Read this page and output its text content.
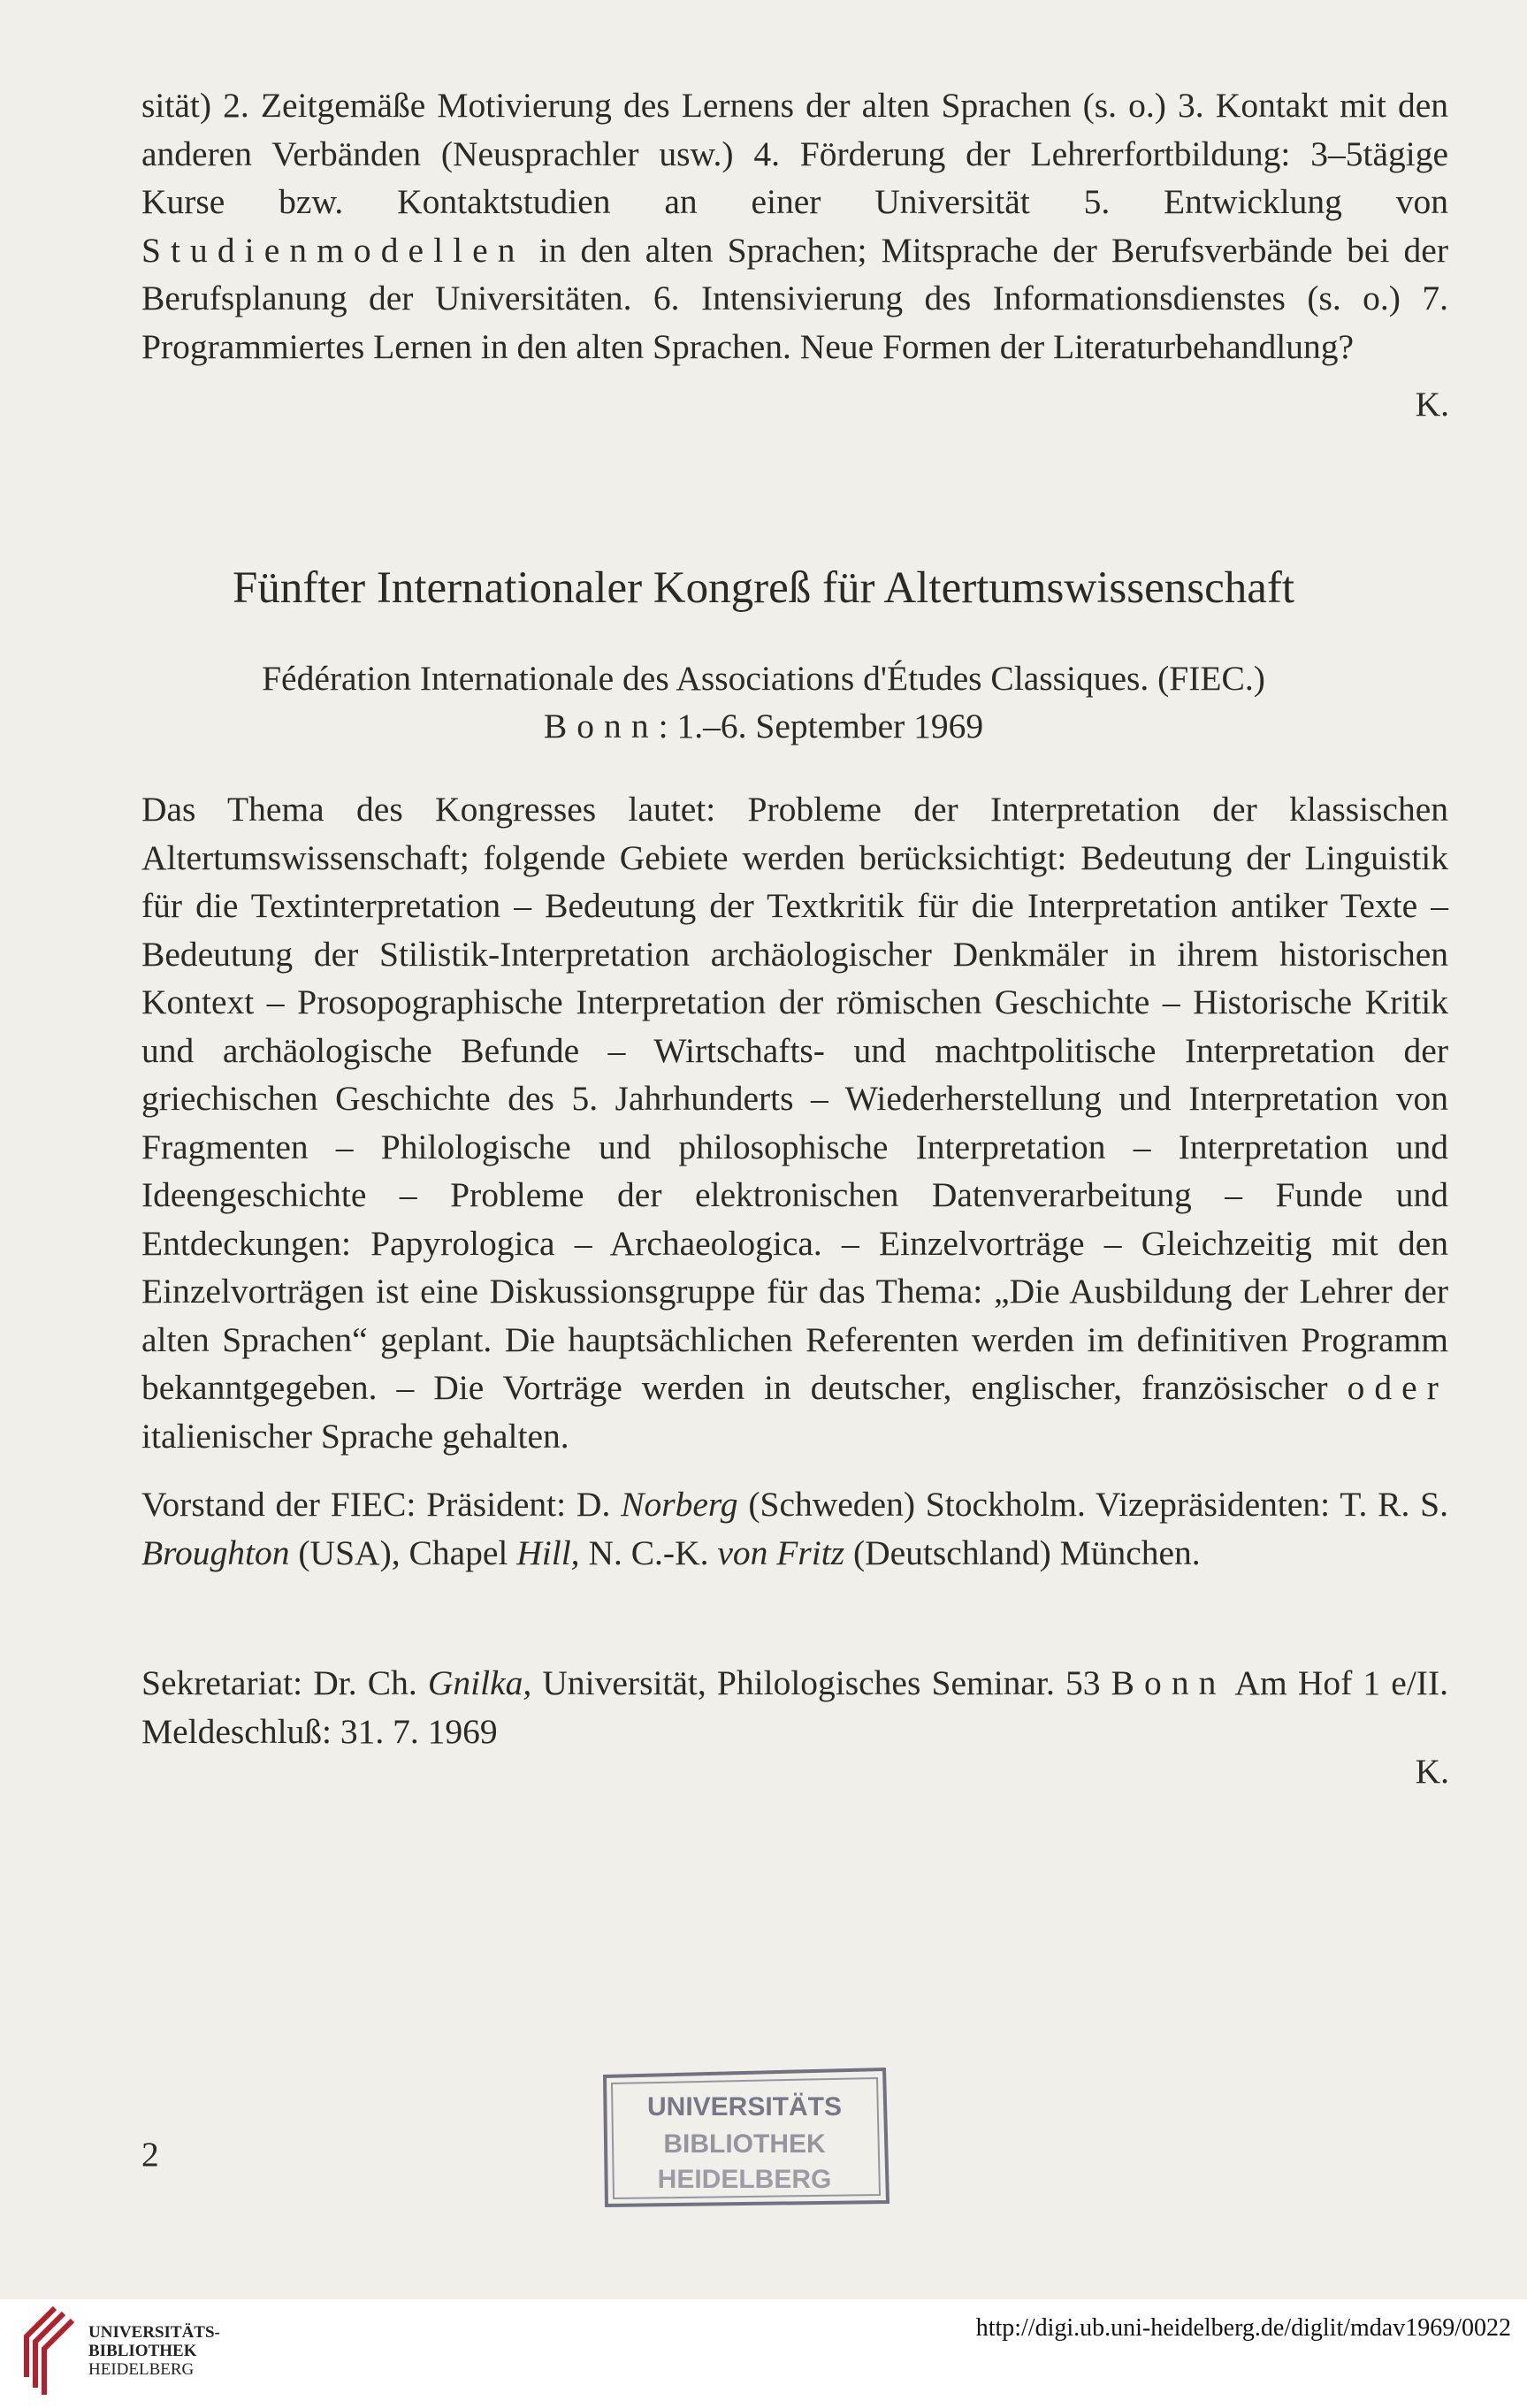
sität) 2. Zeitgemäße Motivierung des Lernens der alten Sprachen (s. o.) 3. Kontakt mit den anderen Verbänden (Neusprachler usw.) 4. Förderung der Lehrerfortbildung: 3–5tägige Kurse bzw. Kontaktstudien an einer Universität 5. Entwicklung von Studienmodellen in den alten Sprachen; Mitsprache der Berufsverbände bei der Berufsplanung der Universitäten. 6. Intensivierung des Informationsdienstes (s. o.) 7. Programmiertes Lernen in den alten Sprachen. Neue Formen der Literaturbehandlung?

K.
Fünfter Internationaler Kongreß für Altertumswissenschaft
Fédération Internationale des Associations d'Études Classiques. (FIEC.)
Bonn: 1.–6. September 1969

Das Thema des Kongresses lautet: Probleme der Interpretation der klassischen Altertumswissenschaft; folgende Gebiete werden berücksichtigt: Bedeutung der Linguistik für die Textinterpretation – Bedeutung der Textkritik für die Interpretation antiker Texte – Bedeutung der Stilistik-Interpretation archäologischer Denkmäler in ihrem historischen Kontext – Prosopographische Interpretation der römischen Geschichte – Historische Kritik und archäologische Befunde – Wirtschafts- und machtpolitische Interpretation der griechischen Geschichte des 5. Jahrhunderts – Wiederherstellung und Interpretation von Fragmenten – Philologische und philosophische Interpretation – Interpretation und Ideengeschichte – Probleme der elektronischen Datenverarbeitung – Funde und Entdeckungen: Papyrologica – Archaeologica. – Einzelvorträge – Gleichzeitig mit den Einzelvorträgen ist eine Diskussionsgruppe für das Thema: „Die Ausbildung der Lehrer der alten Sprachen“ geplant. Die hauptsächlichen Referenten werden im definitiven Programm bekanntgegeben. – Die Vorträge werden in deutscher, englischer, französischer oder italienischer Sprache gehalten.

Vorstand der FIEC: Präsident: D. Norberg (Schweden) Stockholm. Vizepräsidenten: T. R. S. Broughton (USA), Chapel Hill, N. C.-K. von Fritz (Deutschland) München.

Sekretariat: Dr. Ch. Gnilka, Universität, Philologisches Seminar. 53 Bonn Am Hof 1 e/II. Meldeschluß: 31. 7. 1969

K.
2
UNIVERSITÄTS
BIBLIOTHEK
HEIDELBERG
UNIVERSITÄTS-
BIBLIOTHEK
HEIDELBERG
http://digi.ub.uni-heidelberg.de/diglit/mdav1969/0022
